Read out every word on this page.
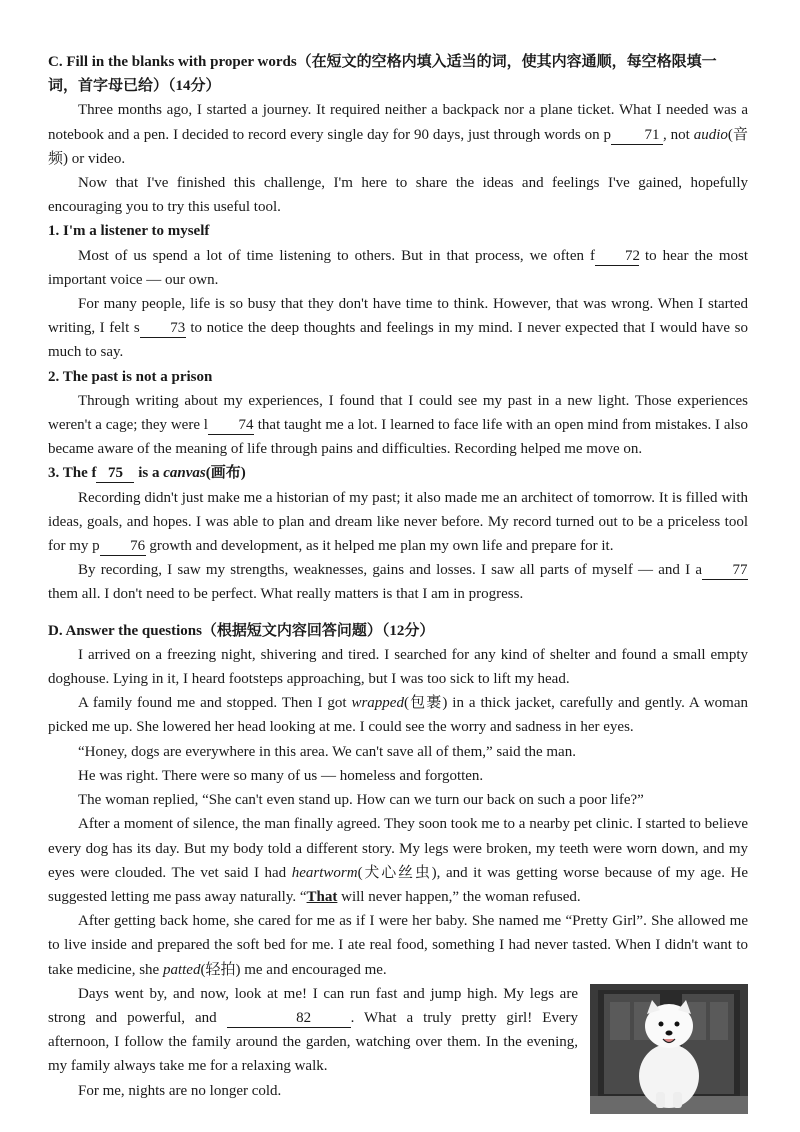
C. Fill in the blanks with proper words（在短文的空格内填入适当的词，使其内容通顺，每空格限填一
词，首字母已给）（14分）

Three months ago, I started a journey. It required neither a backpack nor a plane ticket. What I needed was a notebook and a pen. I decided to record every single day for 90 days, just through words on p 71 , not audio(音频) or video.

Now that I've finished this challenge, I'm here to share the ideas and feelings I've gained, hopefully encouraging you to try this useful tool.

1. I'm a listener to myself

Most of us spend a lot of time listening to others. But in that process, we often f 72 to hear the most important voice — our own.

For many people, life is so busy that they don't have time to think. However, that was wrong. When I started writing, I felt s 73 to notice the deep thoughts and feelings in my mind. I never expected that I would have so much to say.

2. The past is not a prison

Through writing about my experiences, I found that I could see my past in a new light. Those experiences weren't a cage; they were l 74 that taught me a lot. I learned to face life with an open mind from mistakes. I also became aware of the meaning of life through pains and difficulties. Recording helped me move on.

3. The f 75 is a canvas(画布)

Recording didn't just make me a historian of my past; it also made me an architect of tomorrow. It is filled with ideas, goals, and hopes. I was able to plan and dream like never before. My record turned out to be a priceless tool for my p 76 growth and development, as it helped me plan my own life and prepare for it.

By recording, I saw my strengths, weaknesses, gains and losses. I saw all parts of myself — and I a 77 them all. I don't need to be perfect. What really matters is that I am in progress.

D. Answer the questions（根据短文内容回答问题）（12分）

I arrived on a freezing night, shivering and tired. I searched for any kind of shelter and found a small empty doghouse. Lying in it, I heard footsteps approaching, but I was too sick to lift my head.

A family found me and stopped. Then I got wrapped(包裹) in a thick jacket, carefully and gently. A woman picked me up. She lowered her head looking at me. I could see the worry and sadness in her eyes.

“Honey, dogs are everywhere in this area. We can't save all of them,” said the man.

He was right. There were so many of us — homeless and forgotten.

The woman replied, “She can't even stand up. How can we turn our back on such a poor life?”

After a moment of silence, the man finally agreed. They soon took me to a nearby pet clinic. I started to believe every dog has its day. But my body told a different story. My legs were broken, my teeth were worn down, and my eyes were clouded. The vet said I had heartworm(犬心丝虫), and it was getting worse because of my age. He suggested letting me pass away naturally. “That will never happen,” the woman refused.

After getting back home, she cared for me as if I were her baby. She named me “Pretty Girl”. She allowed me to live inside and prepared the soft bed for me. I ate real food, something I had never tasted. When I didn't want to take medicine, she patted(轻拍) me and encouraged me.

Days went by, and now, look at me! I can run fast and jump high. My legs are strong and powerful, and	82	. What a truly pretty girl! Every afternoon, I follow the family around the garden, watching over them. In the evening, my family always take me for a relaxing walk.

For me, nights are no longer cold.
